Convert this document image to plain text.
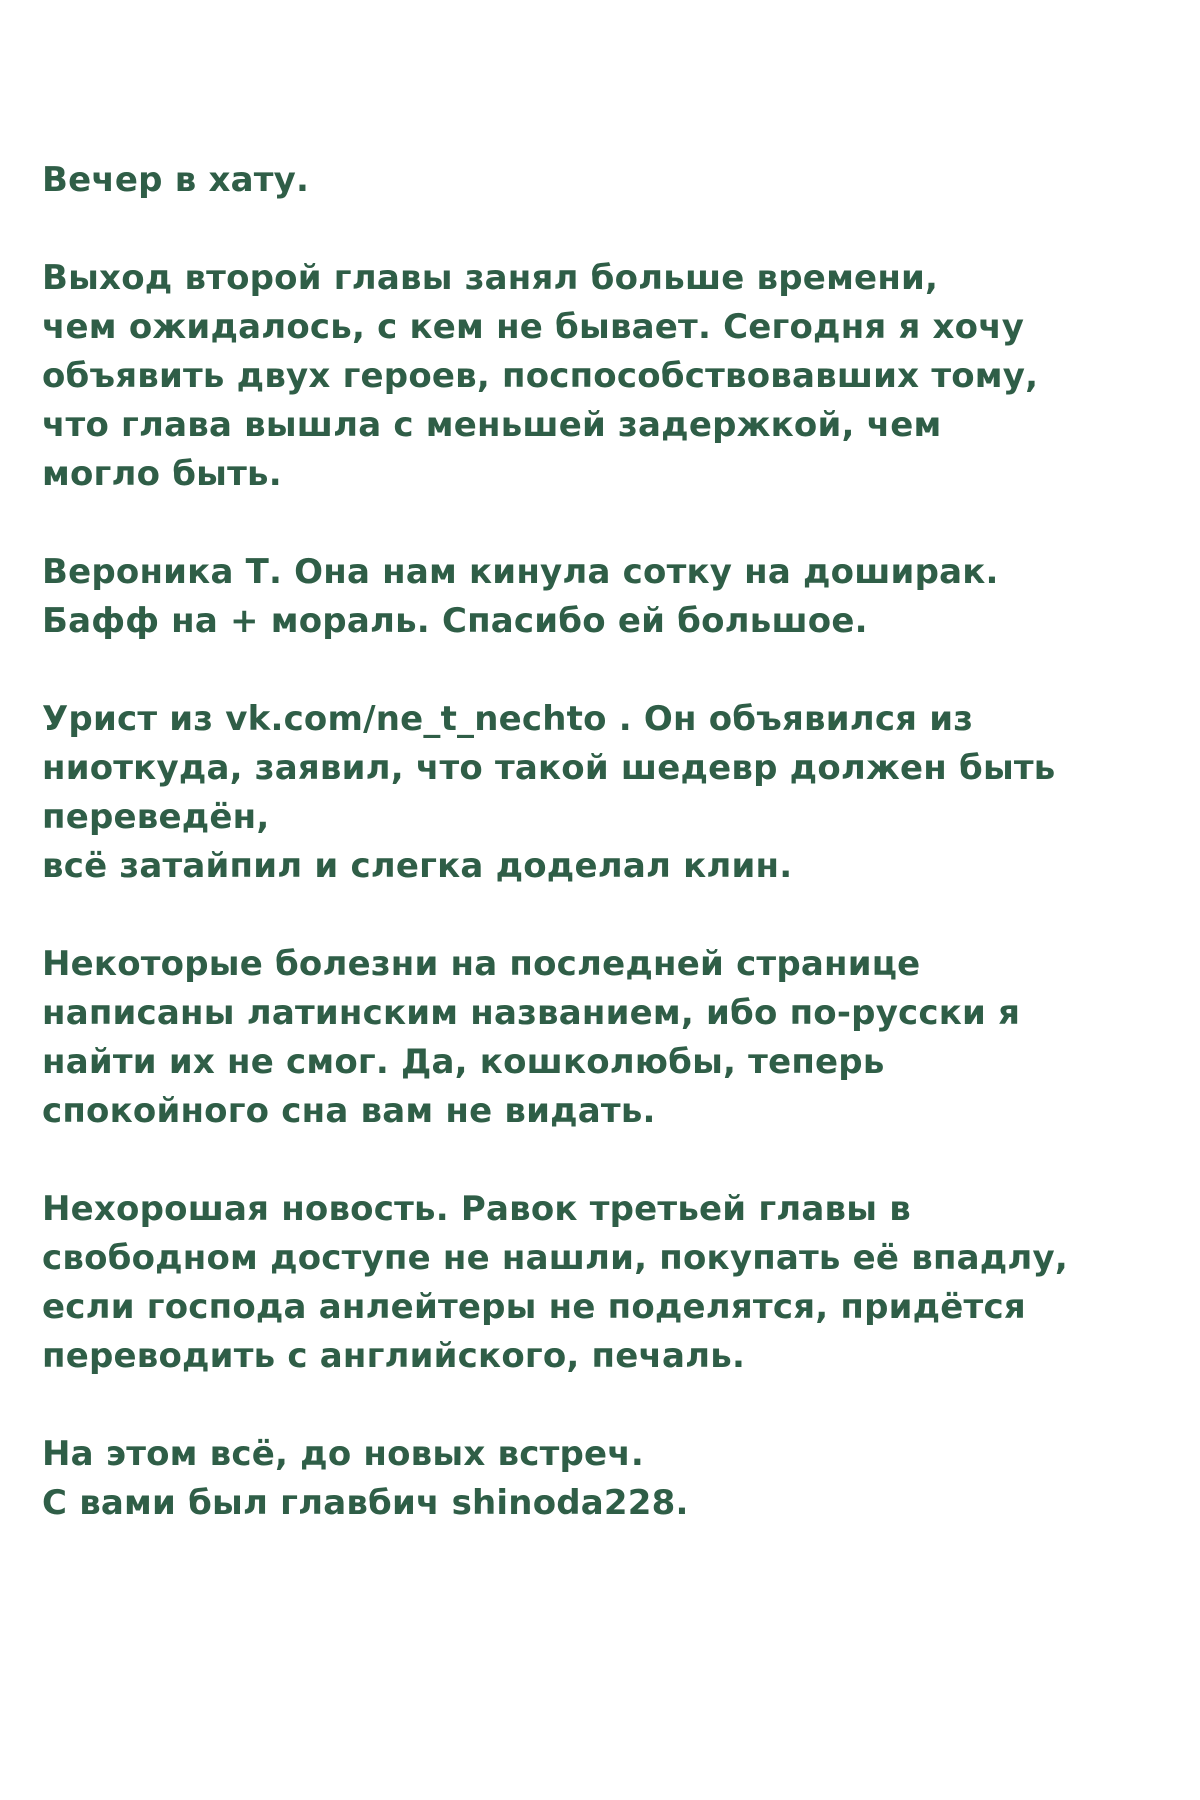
Вечер в хату.

Выход второй главы занял больше времени,
чем ожидалось, с кем не бывает. Сегодня я хочу
объявить двух героев, поспособствовавших тому,
что глава вышла с меньшей задержкой, чем
могло быть.

Вероника Т. Она нам кинула сотку на доширак.
Бафф на + мораль. Спасибо ей большое.

Урист из vk.com/ne_t_nechto . Он объявился из
ниоткуда, заявил, что такой шедевр должен быть
переведён,
всё затайпил и слегка доделал клин.

Некоторые болезни на последней странице
написаны латинским названием, ибо по-русски я
найти их не смог. Да, кошколюбы, теперь
спокойного сна вам не видать.

Нехорошая новость. Равок третьей главы в
свободном доступе не нашли, покупать её впадлу,
если господа анлейтеры не поделятся, придётся
переводить с английского, печаль.

На этом всё, до новых встреч.
С вами был главбич shinoda228.
